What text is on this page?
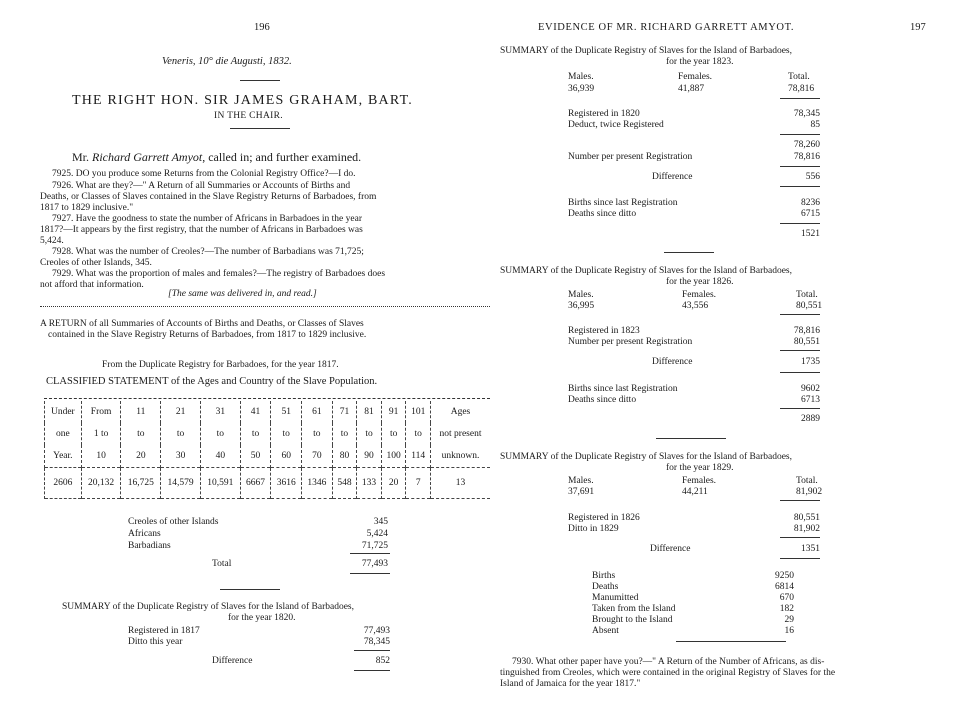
196
Veneris, 10° die Augusti, 1832.
THE RIGHT HON. SIR JAMES GRAHAM, BART.
IN THE CHAIR.
Mr. Richard Garrett Amyot, called in; and further examined.
7925. DO you produce some Returns from the Colonial Registry Office?—I do.
7926. What are they?—" A Return of all Summaries or Accounts of Births and
Deaths, or Classes of Slaves contained in the Slave Registry Returns of Barbadoes, from
1817 to 1829 inclusive."
7927. Have the goodness to state the number of Africans in Barbadoes in the year
1817?—It appears by the first registry, that the number of Africans in Barbadoes was
5,424.
7928. What was the number of Creoles?—The number of Barbadians was 71,725;
Creoles of other Islands, 345.
7929. What was the proportion of males and females?—The registry of Barbadoes does
not afford that information.
[The same was delivered in, and read.]
A RETURN of all Summaries of Accounts of Births and Deaths, or Classes of Slaves
contained in the Slave Registry Returns of Barbadoes, from 1817 to 1829 inclusive.
From the Duplicate Registry for Barbadoes, for the year 1817.
CLASSIFIED STATEMENT of the Ages and Country of the Slave Population.
Under	From	11	21	31	41	51	61	71	81	91	101	Ages
one	1 to	to	to	to	to	to	to	to	to	to	to	not present
Year.	10	20	30	40	50	60	70	80	90	100	114	unknown.
2606	20,132	16,725	14,579	10,591	6667	3616	1346	548	133	20	7	13
Creoles of other Islands	345
Africans	5,424
Barbadians	71,725
Total	77,493
SUMMARY of the Duplicate Registry of Slaves for the Island of Barbadoes,
for the year 1820.
Registered in 1817	77,493
Ditto this year	78,345
Difference	852
EVIDENCE OF MR. RICHARD GARRETT AMYOT.	197
SUMMARY of the Duplicate Registry of Slaves for the Island of Barbadoes,
for the year 1823.
Males.	Females.	Total.
36,939	41,887	78,816
Registered in 1820	78,345
Deduct, twice Registered	85
78,260
Number per present Registration	78,816
Difference	556
Births since last Registration	8236
Deaths since ditto	6715
1521
SUMMARY of the Duplicate Registry of Slaves for the Island of Barbadoes,
for the year 1826.
Males.	Females.	Total.
36,995	43,556	80,551
Registered in 1823	78,816
Number per present Registration	80,551
Difference	1735
Births since last Registration	9602
Deaths since ditto	6713
2889
SUMMARY of the Duplicate Registry of Slaves for the Island of Barbadoes,
for the year 1829.
Males.	Females.	Total.
37,691	44,211	81,902
Registered in 1826	80,551
Ditto in 1829	81,902
Difference	1351
Births	9250
Deaths	6814
Manumitted	670
Taken from the Island	182
Brought to the Island	29
Absent	16
7930. What other paper have you?—" A Return of the Number of Africans, as dis-
tinguished from Creoles, which were contained in the original Registry of Slaves for the
Island of Jamaica for the year 1817."
